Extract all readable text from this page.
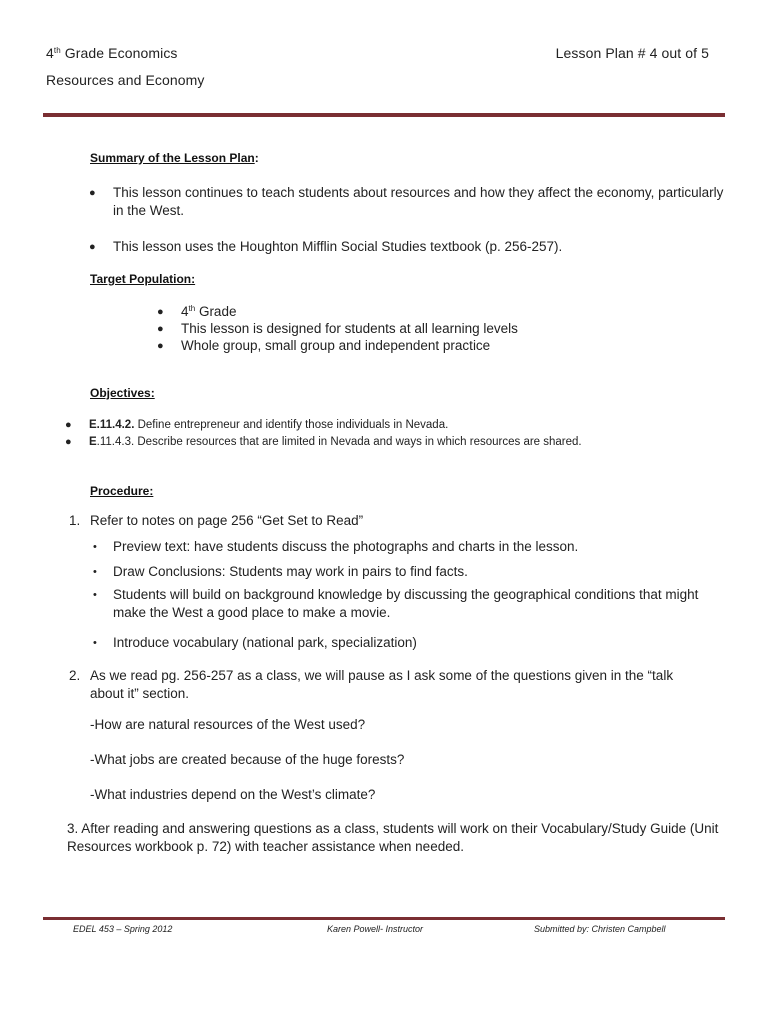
4th Grade Economics
Resources and Economy
Lesson Plan # 4 out of 5
Summary of the Lesson Plan:
● This lesson continues to teach students about resources and how they affect the economy, particularly in the West.
● This lesson uses the Houghton Mifflin Social Studies textbook (p. 256-257).
Target Population:
● 4th Grade
● This lesson is designed for students at all learning levels
● Whole group, small group and independent practice
Objectives:
● E.11.4.2. Define entrepreneur and identify those individuals in Nevada.
● E.11.4.3. Describe resources that are limited in Nevada and ways in which resources are shared.
Procedure:
1. Refer to notes on page 256 “Get Set to Read”
• Preview text: have students discuss the photographs and charts in the lesson.
• Draw Conclusions: Students may work in pairs to find facts.
• Students will build on background knowledge by discussing the geographical conditions that might make the West a good place to make a movie.
• Introduce vocabulary (national park, specialization)
2. As we read pg. 256-257 as a class, we will pause as I ask some of the questions given in the “talk about it” section.
-How are natural resources of the West used?
-What jobs are created because of the huge forests?
-What industries depend on the West’s climate?
3. After reading and answering questions as a class, students will work on their Vocabulary/Study Guide (Unit Resources workbook p. 72) with teacher assistance when needed.
EDEL 453 – Spring 2012	Karen Powell- Instructor	Submitted by: Christen Campbell
